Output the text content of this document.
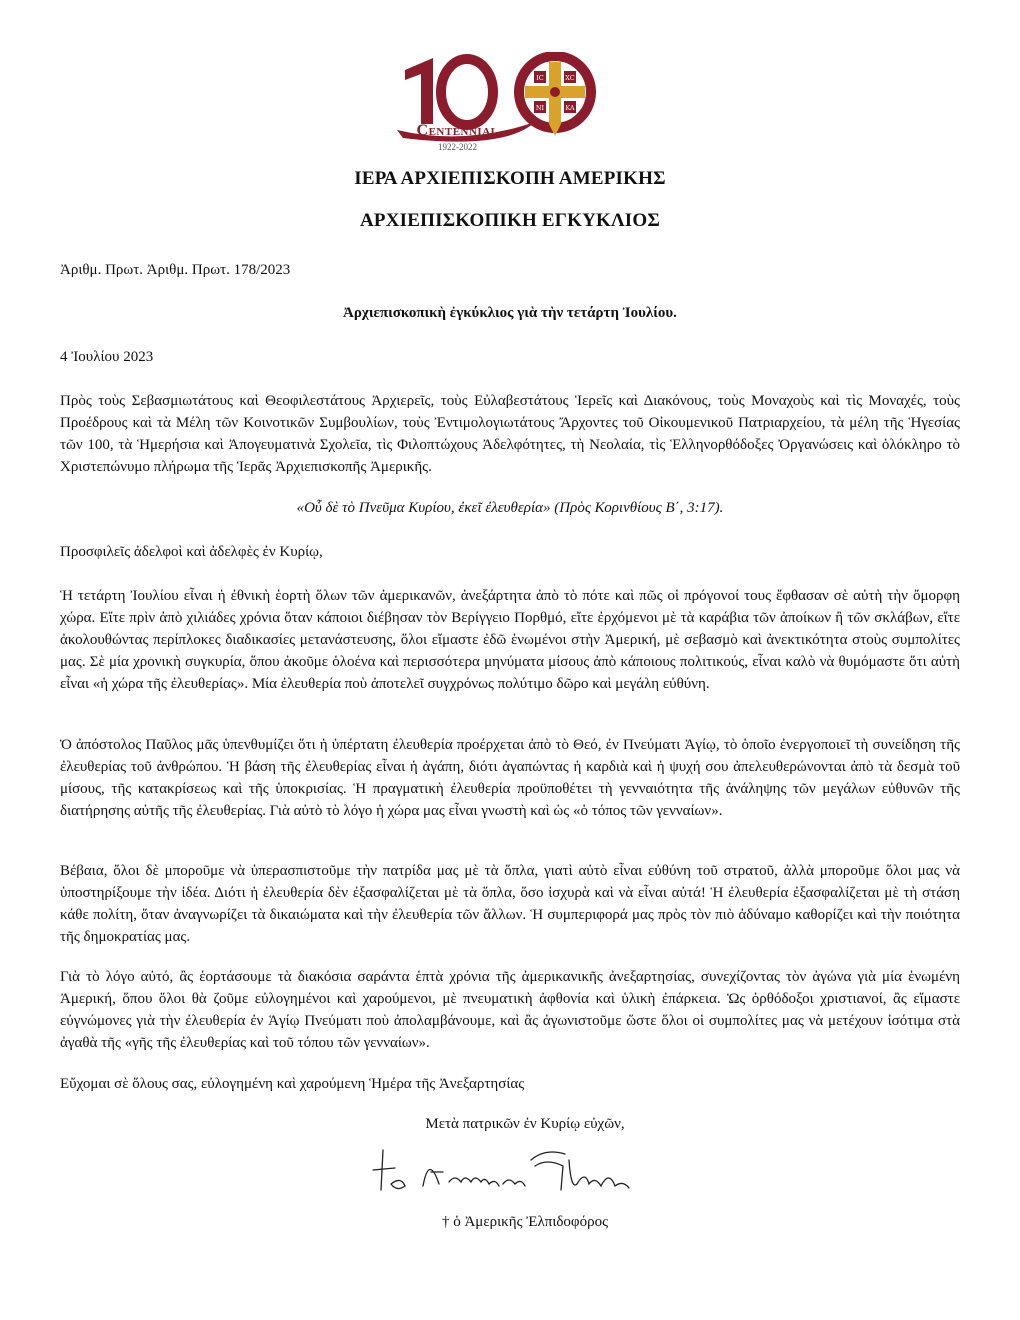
IC	XC
NI	KA
Centennial
1922-2022
ΙΕΡΑ ΑΡΧΙΕΠΙΣΚΟΠΗ ΑΜΕΡΙΚΗΣ
ΑΡΧΙΕΠΙΣΚΟΠΙΚΗ ΕΓΚΥΚΛΙΟΣ
Ἀριθμ. Πρωτ. Ἀριθμ. Πρωτ. 178/2023
Ἀρχιεπισκοπικὴ ἐγκύκλιος γιὰ τὴν τετάρτη Ἰουλίου.
4 Ἰουλίου 2023

Πρὸς τοὺς Σεβασμιωτάτους καὶ Θεοφιλεστάτους Ἀρχιερεῖς, τοὺς Εὐλαβεστάτους Ἱερεῖς καὶ Διακόνους, τοὺς Μοναχοὺς καὶ τὶς Μοναχές, τοὺς Προέδρους καὶ τὰ Μέλη τῶν Κοινοτικῶν Συμβουλίων, τοὺς Ἐντιμολογιωτάτους Ἄρχοντες τοῦ Οἰκουμενικοῦ Πατριαρχείου, τὰ μέλη τῆς Ἡγεσίας τῶν 100, τὰ Ἡμερήσια καὶ Ἀπογευματινὰ Σχολεῖα, τὶς Φιλοπτώχους Ἀδελφότητες, τὴ Νεολαία, τὶς Ἑλληνορθόδοξες Ὀργανώσεις καὶ ὁλόκληρο τὸ Χριστεπώνυμο πλήρωμα τῆς Ἱερᾶς Ἀρχιεπισκοπῆς Ἀμερικῆς.

«Οὗ δὲ τὸ Πνεῦμα Κυρίου, ἐκεῖ ἐλευθερία» (Πρὸς Κορινθίους Β΄, 3:17).

Προσφιλεῖς ἀδελφοὶ καὶ ἀδελφὲς ἐν Κυρίῳ,

Ἡ τετάρτη Ἰουλίου εἶναι ἡ ἐθνικὴ ἑορτὴ ὅλων τῶν ἀμερικανῶν, ἀνεξάρτητα ἀπὸ τὸ πότε καὶ πῶς οἱ πρόγονοί τους ἔφθασαν σὲ αὐτὴ τὴν ὄμορφη χώρα. Εἴτε πρὶν ἀπὸ χιλιάδες χρόνια ὅταν κάποιοι διέβησαν τὸν Βερίγγειο Πορθμό, εἴτε ἐρχόμενοι μὲ τὰ καράβια τῶν ἀποίκων ἢ τῶν σκλάβων, εἴτε ἀκολουθώντας περίπλοκες διαδικασίες μετανάστευσης, ὅλοι εἴμαστε ἐδῶ ἑνωμένοι στὴν Ἀμερική, μὲ σεβασμὸ καὶ ἀνεκτικότητα στοὺς συμπολίτες μας. Σὲ μία χρονικὴ συγκυρία, ὅπου ἀκοῦμε ὁλοένα καὶ περισσότερα μηνύματα μίσους ἀπὸ κάποιους πολιτικούς, εἶναι καλὸ νὰ θυμόμαστε ὅτι αὐτὴ εἶναι «ἡ χώρα τῆς ἐλευθερίας». Μία ἐλευθερία ποὺ ἀποτελεῖ συγχρόνως πολύτιμο δῶρο καὶ μεγάλη εὐθύνη.

Ὁ ἀπόστολος Παῦλος μᾶς ὑπενθυμίζει ὅτι ἡ ὑπέρτατη ἐλευθερία προέρχεται ἀπὸ τὸ Θεό, ἐν Πνεύματι Ἁγίῳ, τὸ ὁποῖο ἐνεργοποιεῖ τὴ συνείδηση τῆς ἐλευθερίας τοῦ ἀνθρώπου. Ἡ βάση τῆς ἐλευθερίας εἶναι ἡ ἀγάπη, διότι ἀγαπώντας ἡ καρδιὰ καὶ ἡ ψυχή σου ἀπελευθερώνονται ἀπὸ τὰ δεσμὰ τοῦ μίσους, τῆς κατακρίσεως καὶ τῆς ὑποκρισίας. Ἡ πραγματικὴ ἐλευθερία προϋποθέτει τὴ γενναιότητα τῆς ἀνάληψης τῶν μεγάλων εὐθυνῶν τῆς διατήρησης αὐτῆς τῆς ἐλευθερίας. Γιὰ αὐτὸ τὸ λόγο ἡ χώρα μας εἶναι γνωστὴ καὶ ὡς «ὁ τόπος τῶν γενναίων».

Βέβαια, ὅλοι δὲ μποροῦμε νὰ ὑπερασπιστοῦμε τὴν πατρίδα μας μὲ τὰ ὅπλα, γιατὶ αὐτὸ εἶναι εὐθύνη τοῦ στρατοῦ, ἀλλὰ μποροῦμε ὅλοι μας νὰ ὑποστηρίξουμε τὴν ἰδέα. Διότι ἡ ἐλευθερία δὲν ἐξασφαλίζεται μὲ τὰ ὅπλα, ὅσο ἰσχυρὰ καὶ νὰ εἶναι αὐτά! Ἡ ἐλευθερία ἐξασφαλίζεται μὲ τὴ στάση κάθε πολίτη, ὅταν ἀναγνωρίζει τὰ δικαιώματα καὶ τὴν ἐλευθερία τῶν ἄλλων. Ἡ συμπεριφορά μας πρὸς τὸν πιὸ ἀδύναμο καθορίζει καὶ τὴν ποιότητα τῆς δημοκρατίας μας.

Γιὰ τὸ λόγο αὐτό, ἂς ἑορτάσουμε τὰ διακόσια σαράντα ἑπτὰ χρόνια τῆς ἀμερικανικῆς ἀνεξαρτησίας, συνεχίζοντας τὸν ἀγώνα γιὰ μία ἑνωμένη Ἀμερική, ὅπου ὅλοι θὰ ζοῦμε εὐλογημένοι καὶ χαρούμενοι, μὲ πνευματικὴ ἀφθονία καὶ ὑλικὴ ἐπάρκεια. Ὡς ὀρθόδοξοι χριστιανοί, ἂς εἴμαστε εὐγνώμονες γιὰ τὴν ἐλευθερία ἐν Ἁγίῳ Πνεύματι ποὺ ἀπολαμβάνουμε, καὶ ἂς ἀγωνιστοῦμε ὥστε ὅλοι οἱ συμπολίτες μας νὰ μετέχουν ἰσότιμα στὰ ἀγαθὰ τῆς «γῆς τῆς ἐλευθερίας καὶ τοῦ τόπου τῶν γενναίων».

Εὔχομαι σὲ ὅλους σας, εὐλογημένη καὶ χαρούμενη Ἡμέρα τῆς Ἀνεξαρτησίας

Μετὰ πατρικῶν ἐν Κυρίῳ εὐχῶν,
† ὁ Ἀμερικῆς Ἐλπιδοφόρος
